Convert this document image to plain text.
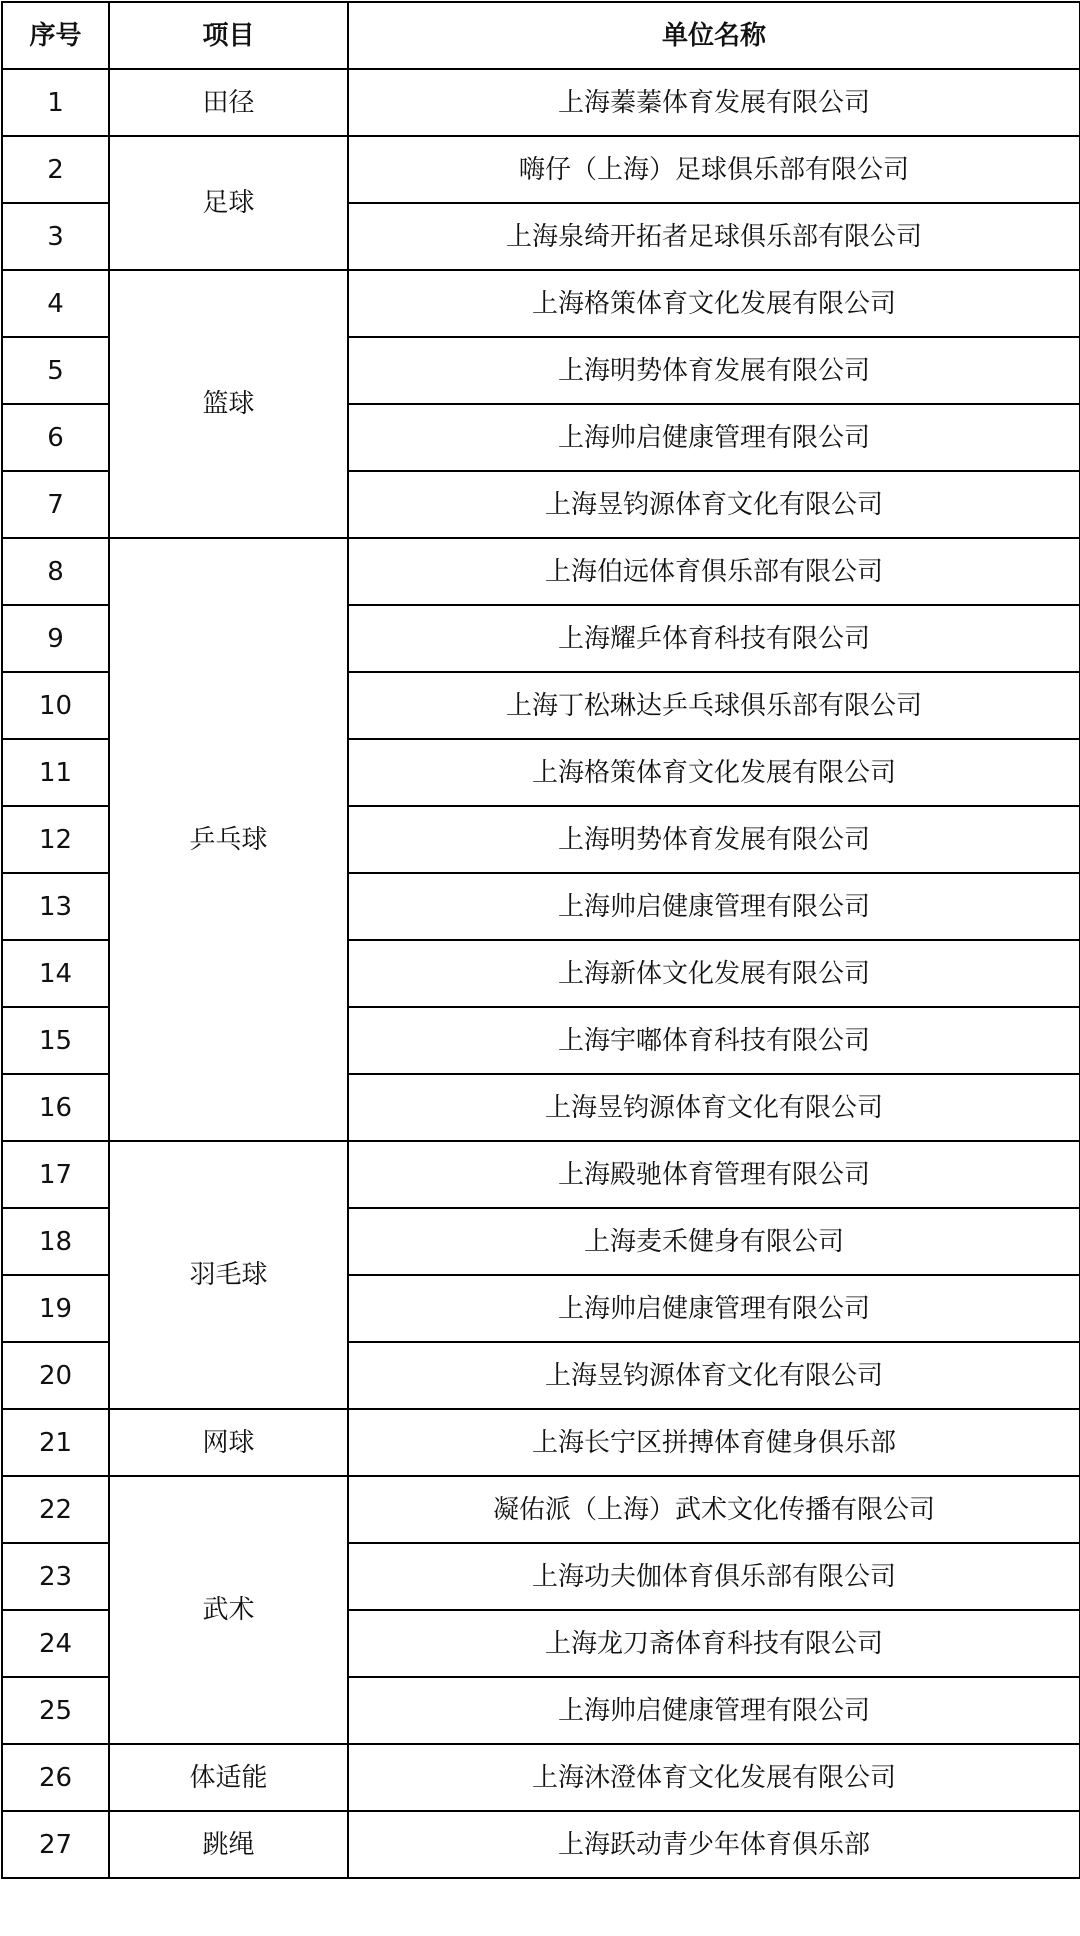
序号	项目	单位名称
1	田径	上海蓁蓁体育发展有限公司
2	足球	嗨仔（上海）足球俱乐部有限公司
3		上海泉绮开拓者足球俱乐部有限公司
4	篮球	上海格策体育文化发展有限公司
5		上海明势体育发展有限公司
6		上海帅启健康管理有限公司
7		上海昱钧源体育文化有限公司
8	乒乓球	上海伯远体育俱乐部有限公司
9		上海耀乒体育科技有限公司
10		上海丁松琳达乒乓球俱乐部有限公司
11		上海格策体育文化发展有限公司
12		上海明势体育发展有限公司
13		上海帅启健康管理有限公司
14		上海新体文化发展有限公司
15		上海宇嘟体育科技有限公司
16		上海昱钧源体育文化有限公司
17	羽毛球	上海殿驰体育管理有限公司
18		上海麦禾健身有限公司
19		上海帅启健康管理有限公司
20		上海昱钧源体育文化有限公司
21	网球	上海长宁区拼搏体育健身俱乐部
22	武术	凝佑派（上海）武术文化传播有限公司
23		上海功夫伽体育俱乐部有限公司
24		上海龙刀斋体育科技有限公司
25		上海帅启健康管理有限公司
26	体适能	上海沐澄体育文化发展有限公司
27	跳绳	上海跃动青少年体育俱乐部
